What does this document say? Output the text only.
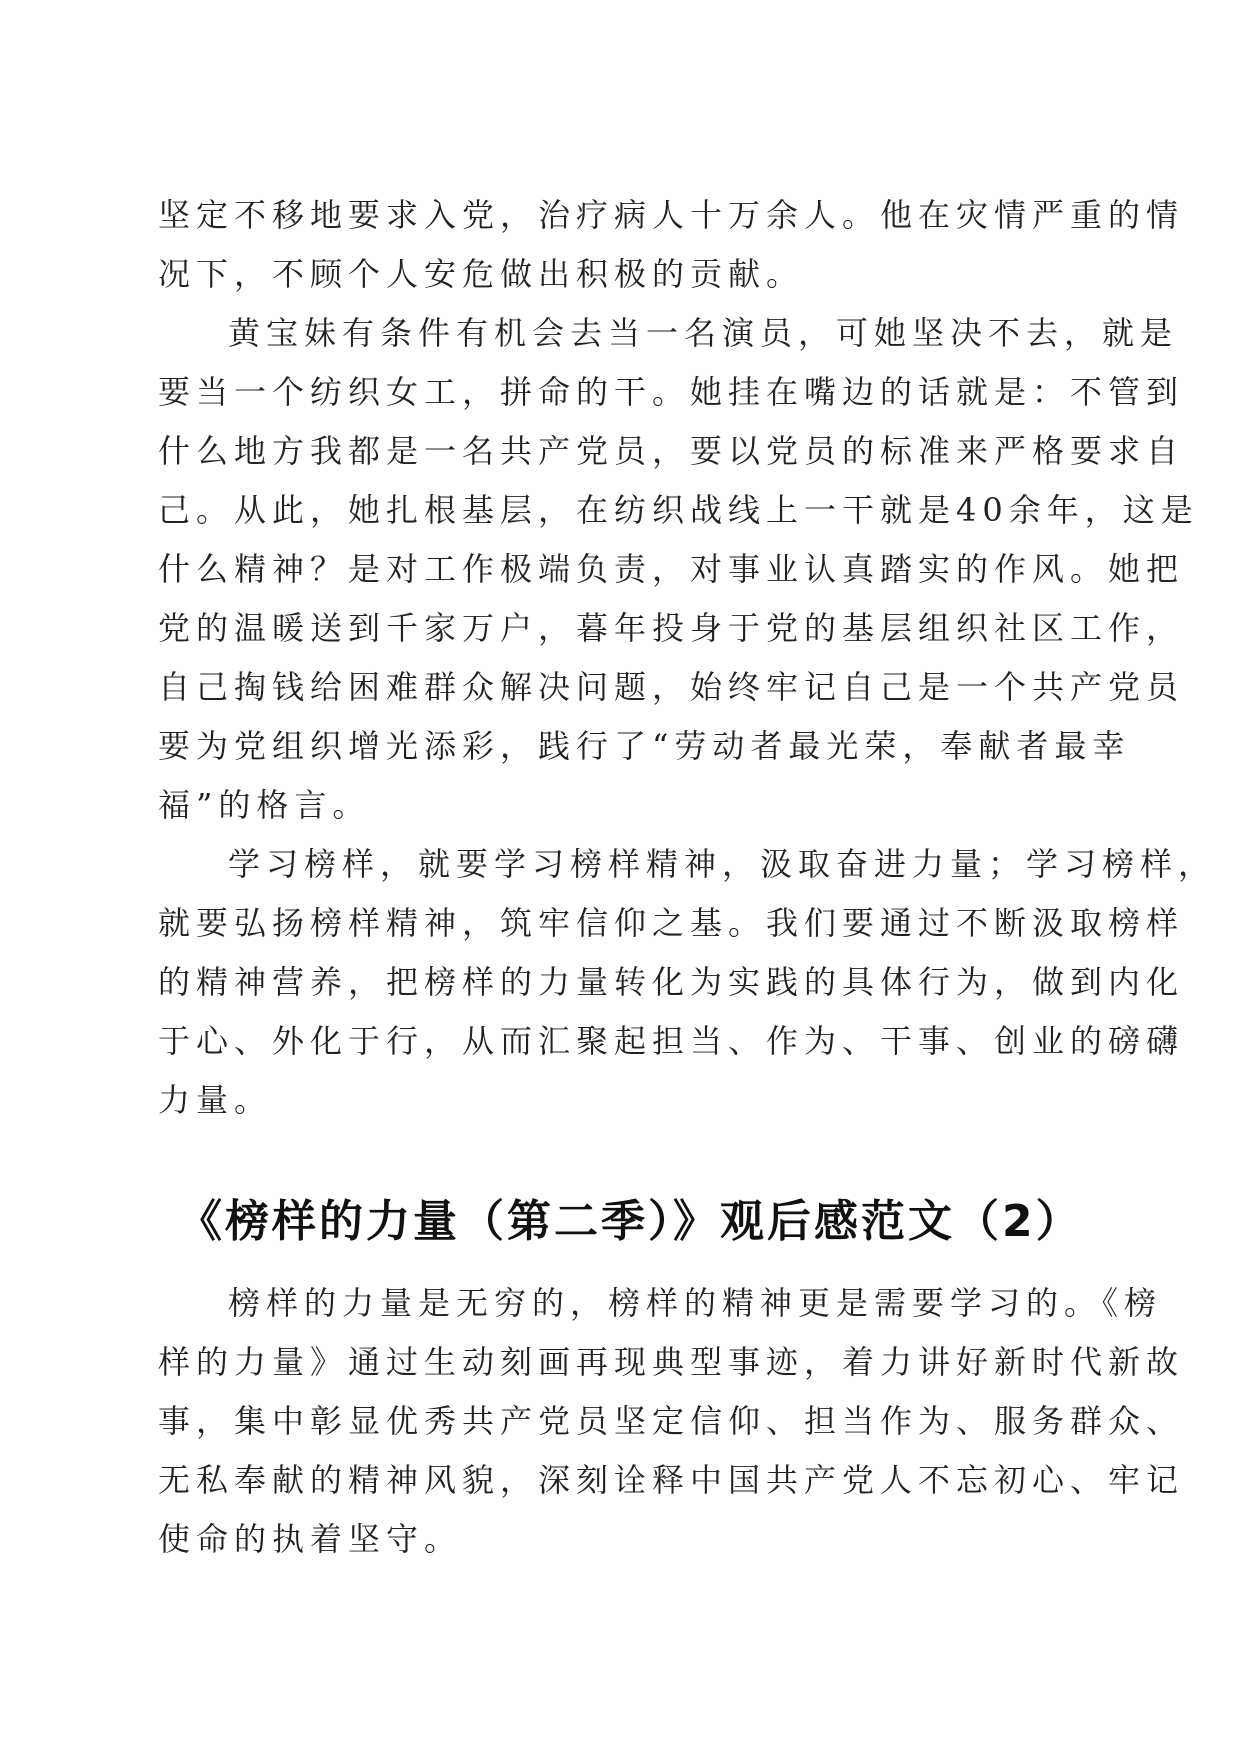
坚定不移地要求入党，治疗病人十万余人。他在灾情严重的情
况下，不顾个人安危做出积极的贡献。

黄宝妹有条件有机会去当一名演员，可她坚决不去，就是
要当一个纺织女工，拼命的干。她挂在嘴边的话就是：不管到
什么地方我都是一名共产党员，要以党员的标准来严格要求自
己。从此，她扎根基层，在纺织战线上一干就是40余年，这是
什么精神？是对工作极端负责，对事业认真踏实的作风。她把
党的温暖送到千家万户，暮年投身于党的基层组织社区工作，
自己掏钱给困难群众解决问题，始终牢记自己是一个共产党员
要为党组织增光添彩，践行了“劳动者最光荣，奉献者最幸
福”的格言。

学习榜样，就要学习榜样精神，汲取奋进力量；学习榜样，
就要弘扬榜样精神，筑牢信仰之基。我们要通过不断汲取榜样
的精神营养，把榜样的力量转化为实践的具体行为，做到内化
于心、外化于行，从而汇聚起担当、作为、干事、创业的磅礴
力量。

《榜样的力量（第二季）》观后感范文（2）

榜样的力量是无穷的，榜样的精神更是需要学习的。《榜
样的力量》通过生动刻画再现典型事迹，着力讲好新时代新故
事，集中彰显优秀共产党员坚定信仰、担当作为、服务群众、
无私奉献的精神风貌，深刻诠释中国共产党人不忘初心、牢记
使命的执着坚守。
